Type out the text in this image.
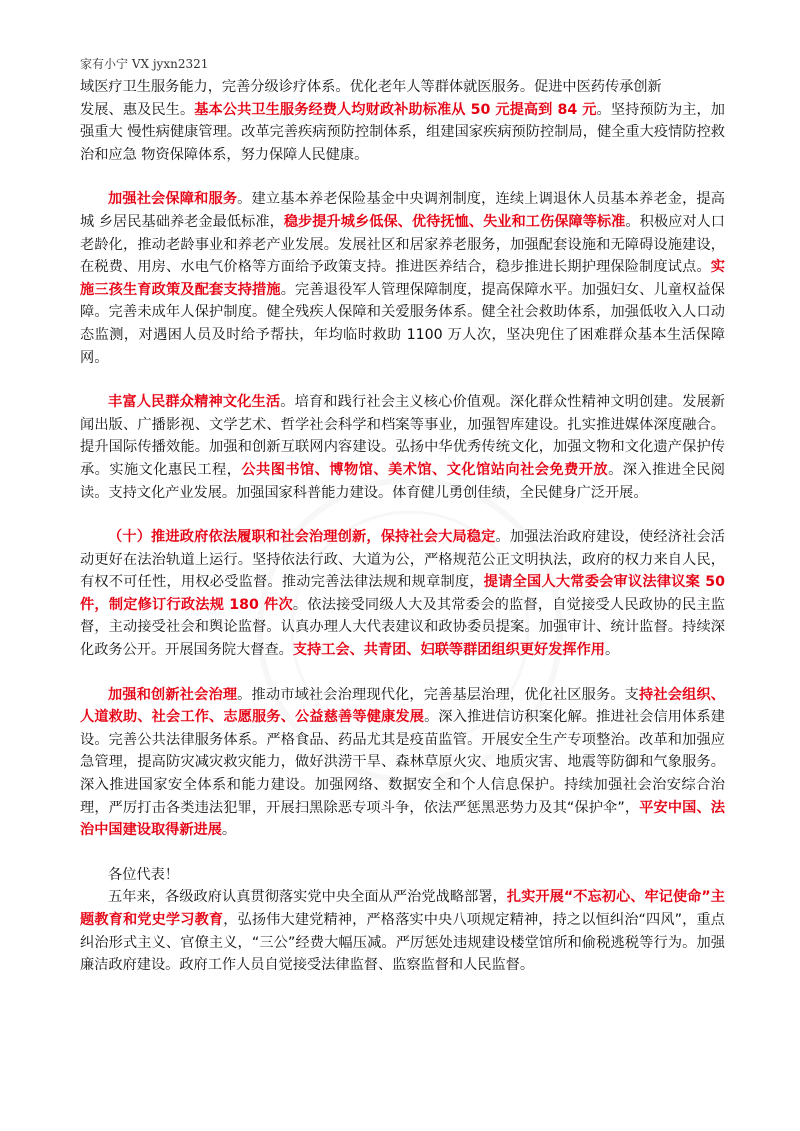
家有小宁 VX jyxn2321

域医疗卫生服务能力，完善分级诊疗体系。优化老年人等群体就医服务。促进中医药传承创新

发展、惠及民生。基本公共卫生服务经费人均财政补助标准从 50 元提高到 84 元。坚持预防为主，加强重大 慢性病健康管理。改革完善疾病预防控制体系，组建国家疾病预防控制局，健全重大疫情防控救治和应急 物资保障体系，努力保障人民健康。

加强社会保障和服务。建立基本养老保险基金中央调剂制度，连续上调退休人员基本养老金，提高城 乡居民基础养老金最低标准，稳步提升城乡低保、优待抚恤、失业和工伤保障等标准。积极应对人口老龄化，推动老龄事业和养老产业发展。发展社区和居家养老服务，加强配套设施和无障碍设施建设，在税费、用房、水电气价格等方面给予政策支持。推进医养结合，稳步推进长期护理保险制度试点。实施三孩生育政策及配套支持措施。完善退役军人管理保障制度，提高保障水平。加强妇女、儿童权益保障。完善未成年人保护制度。健全残疾人保障和关爱服务体系。健全社会救助体系，加强低收入人口动态监测，对遇困人员及时给予帮扶，年均临时救助 1100 万人次，坚决兜住了困难群众基本生活保障网。

丰富人民群众精神文化生活。培育和践行社会主义核心价值观。深化群众性精神文明创建。发展新闻出版、广播影视、文学艺术、哲学社会科学和档案等事业，加强智库建设。扎实推进媒体深度融合。提升国际传播效能。加强和创新互联网内容建设。弘扬中华优秀传统文化，加强文物和文化遗产保护传承。实施文化惠民工程，公共图书馆、博物馆、美术馆、文化馆站向社会免费开放。深入推进全民阅读。支持文化产业发展。加强国家科普能力建设。体育健儿勇创佳绩，全民健身广泛开展。

（十）推进政府依法履职和社会治理创新，保持社会大局稳定。加强法治政府建设，使经济社会活动更好在法治轨道上运行。坚持依法行政、大道为公，严格规范公正文明执法，政府的权力来自人民，有权不可任性，用权必受监督。推动完善法律法规和规章制度，提请全国人大常委会审议法律议案 50 件，制定修订行政法规 180 件次。依法接受同级人大及其常委会的监督，自觉接受人民政协的民主监督，主动接受社会和舆论监督。认真办理人大代表建议和政协委员提案。加强审计、统计监督。持续深化政务公开。开展国务院大督查。支持工会、共青团、妇联等群团组织更好发挥作用。

加强和创新社会治理。推动市域社会治理现代化，完善基层治理，优化社区服务。支持社会组织、人道救助、社会工作、志愿服务、公益慈善等健康发展。深入推进信访积案化解。推进社会信用体系建设。完善公共法律服务体系。严格食品、药品尤其是疫苗监管。开展安全生产专项整治。改革和加强应急管理，提高防灾减灾救灾能力，做好洪涝干旱、森林草原火灾、地质灾害、地震等防御和气象服务。深入推进国家安全体系和能力建设。加强网络、数据安全和个人信息保护。持续加强社会治安综合治理，严厉打击各类违法犯罪，开展扫黑除恶专项斗争，依法严惩黑恶势力及其“保护伞”，平安中国、法治中国建设取得新进展。

各位代表！

五年来，各级政府认真贯彻落实党中央全面从严治党战略部署，扎实开展“不忘初心、牢记使命”主题教育和党史学习教育，弘扬伟大建党精神，严格落实中央八项规定精神，持之以恒纠治“四风”，重点纠治形式主义、官僚主义，“三公”经费大幅压减。严厉惩处违规建设楼堂馆所和偷税逃税等行为。加强廉洁政府建设。政府工作人员自觉接受法律监督、监察监督和人民监督。
